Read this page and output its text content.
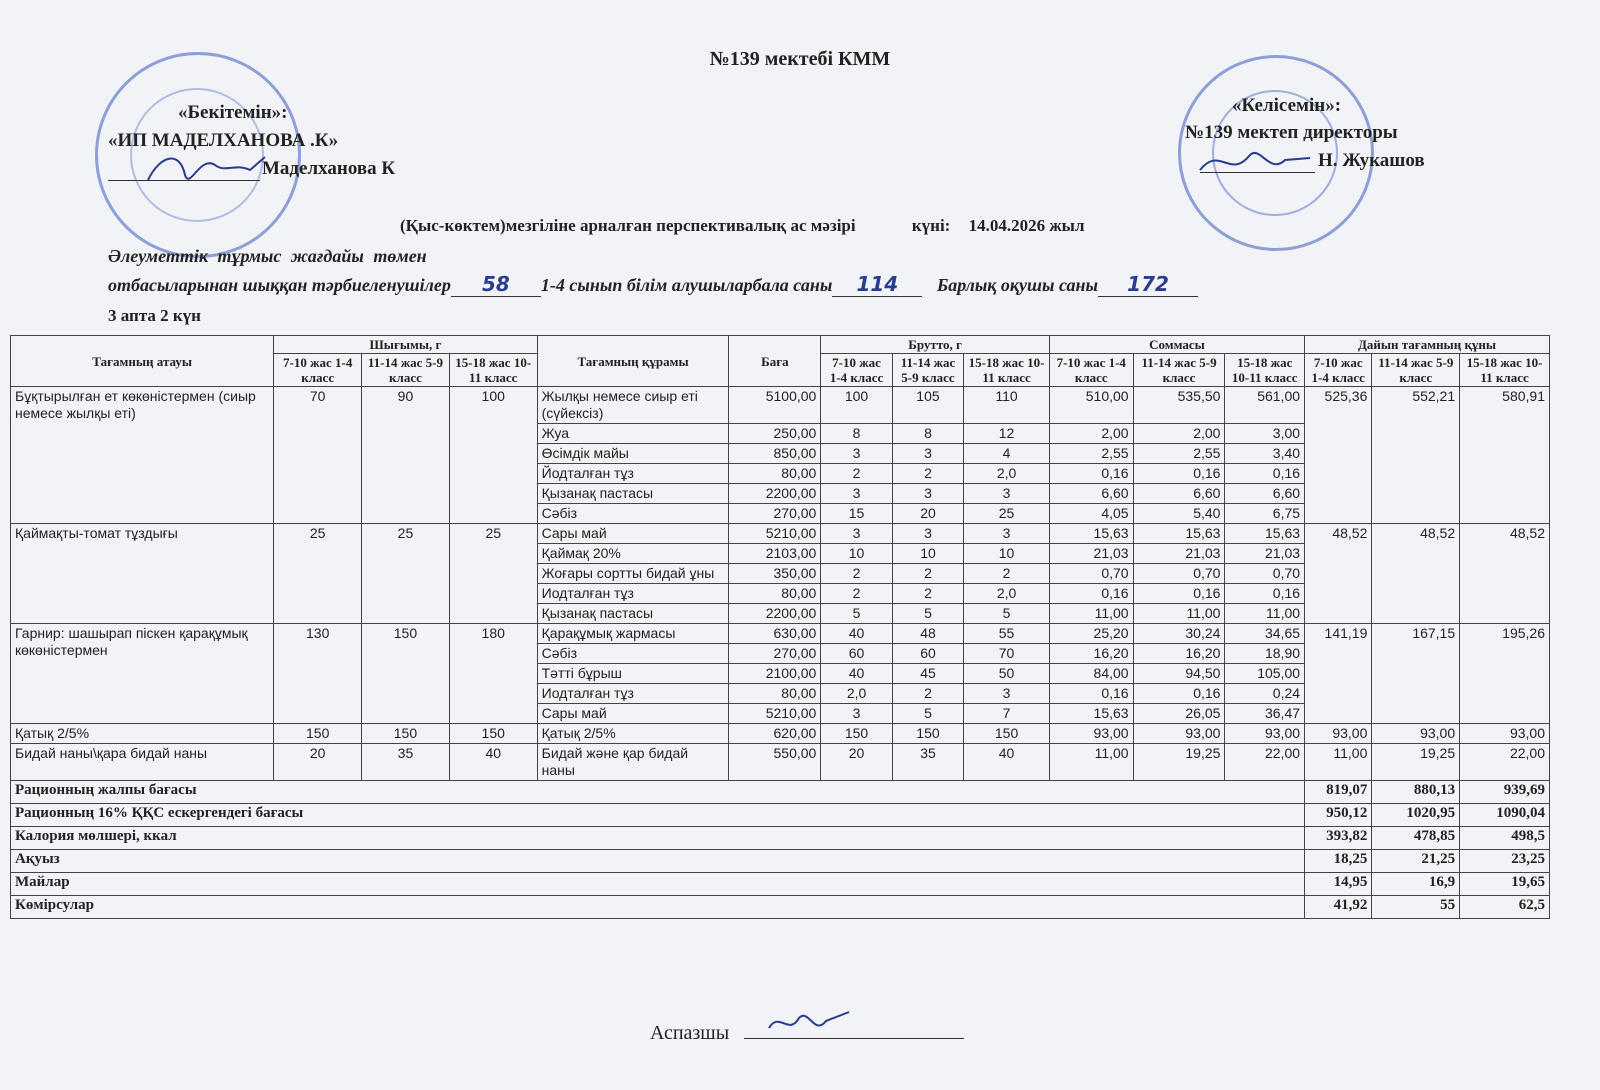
№139 мектебі КММ
«Бекітемін»:
«ИП МАДЕЛХАНОВА .К»
Маделханова К
«Келісемін»:
№139 мектеп директоры
Н. Жукашов
(Қыс-көктем)мезгіліне арналған перспективалық ас мәзірі	күні: 14.04.2026 жыл
Әлеуметтік тұрмыс жағдайы төмен
отбасыларынан шыққан тәрбиеленушілер 58 1-4 сынып білім алушыларбала саны 114 Барлық оқушы саны 172
3 апта 2 күн
Тағамның атауы	Шығымы, г			Тағамның құрамы	Баға	Брутто, г			Соммасы			Дайын тағамның құны		
	7-10 жас 1-4 класс	11-14 жас 5-9 класс	15-18 жас 10-11 класс			7-10 жас 1-4 класс	11-14 жас 5-9 класс	15-18 жас 10-11 класс	7-10 жас 1-4 класс	11-14 жас 5-9 класс	15-18 жас 10-11 класс	7-10 жас 1-4 класс	11-14 жас 5-9 класс	15-18 жас 10-11 класс
Бұқтырылған ет көкөністермен (сиыр немесе жылқы еті)	70	90	100	Жылқы немесе сиыр еті (сүйексіз)	5100,00	100	105	110	510,00	535,50	561,00	525,36	552,21	580,91
				Жуа	250,00	8	8	12	2,00	2,00	3,00			
				Өсімдік майы	850,00	3	3	4	2,55	2,55	3,40			
				Йодталған тұз	80,00	2	2	2,0	0,16	0,16	0,16			
				Қызанақ пастасы	2200,00	3	3	3	6,60	6,60	6,60			
				Сәбіз	270,00	15	20	25	4,05	5,40	6,75			
Қаймақты-томат тұздығы	25	25	25	Сары май	5210,00	3	3	3	15,63	15,63	15,63	48,52	48,52	48,52
				Қаймақ 20%	2103,00	10	10	10	21,03	21,03	21,03			
				Жоғары сортты бидай ұны	350,00	2	2	2	0,70	0,70	0,70			
				Иодталған тұз	80,00	2	2	2,0	0,16	0,16	0,16			
				Қызанақ пастасы	2200,00	5	5	5	11,00	11,00	11,00			
Гарнир: шашырап піскен қарақұмық көкөністермен	130	150	180	Қарақұмық жармасы	630,00	40	48	55	25,20	30,24	34,65	141,19	167,15	195,26
				Сәбіз	270,00	60	60	70	16,20	16,20	18,90			
				Тәтті бұрыш	2100,00	40	45	50	84,00	94,50	105,00			
				Иодталған тұз	80,00	2,0	2	3	0,16	0,16	0,24			
				Сары май	5210,00	3	5	7	15,63	26,05	36,47			
Қатық 2/5%	150	150	150	Қатық 2/5%	620,00	150	150	150	93,00	93,00	93,00	93,00	93,00	93,00
Бидай наны\қара бидай наны	20	35	40	Бидай және қар бидай наны	550,00	20	35	40	11,00	19,25	22,00	11,00	19,25	22,00
Рационның жалпы бағасы												819,07	880,13	939,69
Рационның 16% ҚҚС ескергендегі бағасы												950,12	1020,95	1090,04
Калория мөлшері, ккал												393,82	478,85	498,5
Ақуыз												18,25	21,25	23,25
Майлар												14,95	16,9	19,65
Көмірсулар												41,92	55	62,5
Аспазшы
